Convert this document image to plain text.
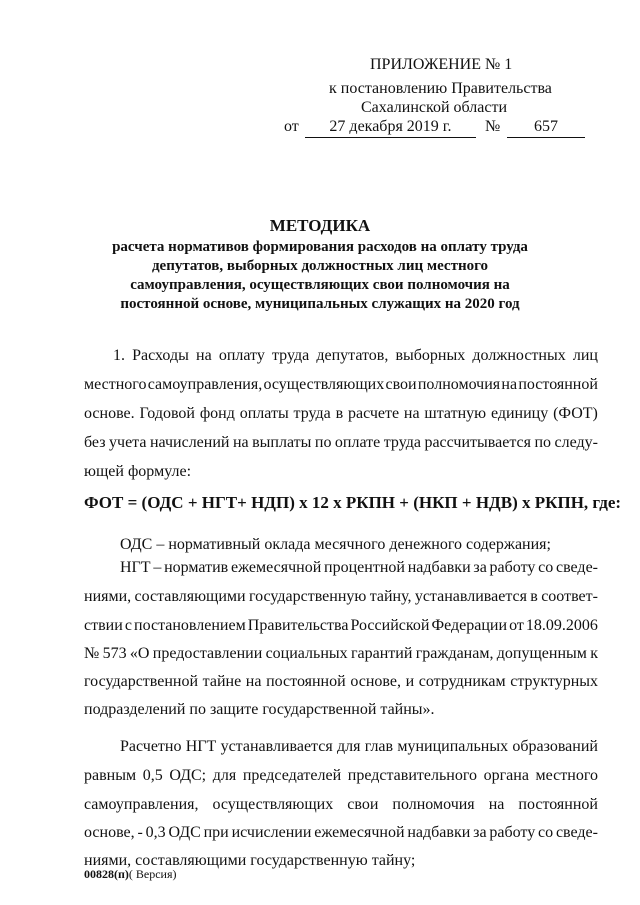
ПРИЛОЖЕНИЕ № 1
к постановлению Правительства
Сахалинской области
от	27 декабря 2019 г.	№	657
МЕТОДИКА
расчета нормативов формирования расходов на оплату труда депутатов, выборных должностных лиц местного самоуправления, осуществляющих свои полномочия на постоянной основе, муниципальных служащих на 2020 год
1. Расходы на оплату труда депутатов, выборных должностных лиц
местного самоуправления, осуществляющих свои полномочия на постоянной
основе. Годовой фонд оплаты труда в расчете на штатную единицу (ФОТ)
без учета начислений на выплаты по оплате труда рассчитывается по следу-
ющей формуле:
ФОТ = (ОДС + НГТ+ НДП) х 12 х РКПН + (НКП + НДВ) х РКПН, где:
ОДС – нормативный оклада месячного денежного содержания;
НГТ – норматив ежемесячной процентной надбавки за работу со сведе-
ниями, составляющими государственную тайну, устанавливается в соответ-
ствии с постановлением Правительства Российской Федерации от 18.09.2006
№ 573 «О предоставлении социальных гарантий гражданам, допущенным к
государственной тайне на постоянной основе, и сотрудникам структурных
подразделений по защите государственной тайны».
Расчетно НГТ устанавливается для глав муниципальных образований
равным 0,5 ОДС; для председателей представительного органа местного
самоуправления, осуществляющих свои полномочия на постоянной
основе, - 0,3 ОДС при исчислении ежемесячной надбавки за работу со сведе-
ниями, составляющими государственную тайну;
00828(п)( Версия)
